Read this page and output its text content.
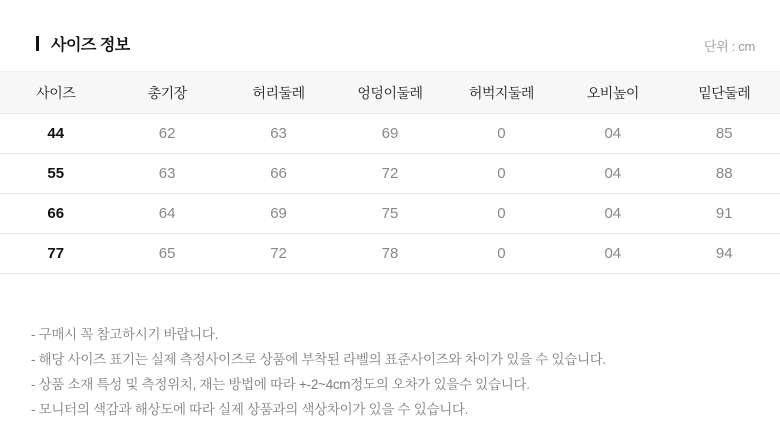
사이즈 정보	단위 : cm
사이즈	총기장	허리둘레	엉덩이둘레	허벅지둘레	오비높이	밑단둘레
44	62	63	69	0	04	85
55	63	66	72	0	04	88
66	64	69	75	0	04	91
77	65	72	78	0	04	94
- 구매시 꼭 참고하시기 바랍니다.
- 해당 사이즈 표기는 실제 측정사이즈로 상품에 부착된 라벨의 표준사이즈와 차이가 있을 수 있습니다.
- 상품 소재 특성 및 측정위치, 재는 방법에 따라 +-2~4cm정도의 오차가 있을수 있습니다.
- 모니터의 색감과 해상도에 따라 실제 상품과의 색상차이가 있을 수 있습니다.
